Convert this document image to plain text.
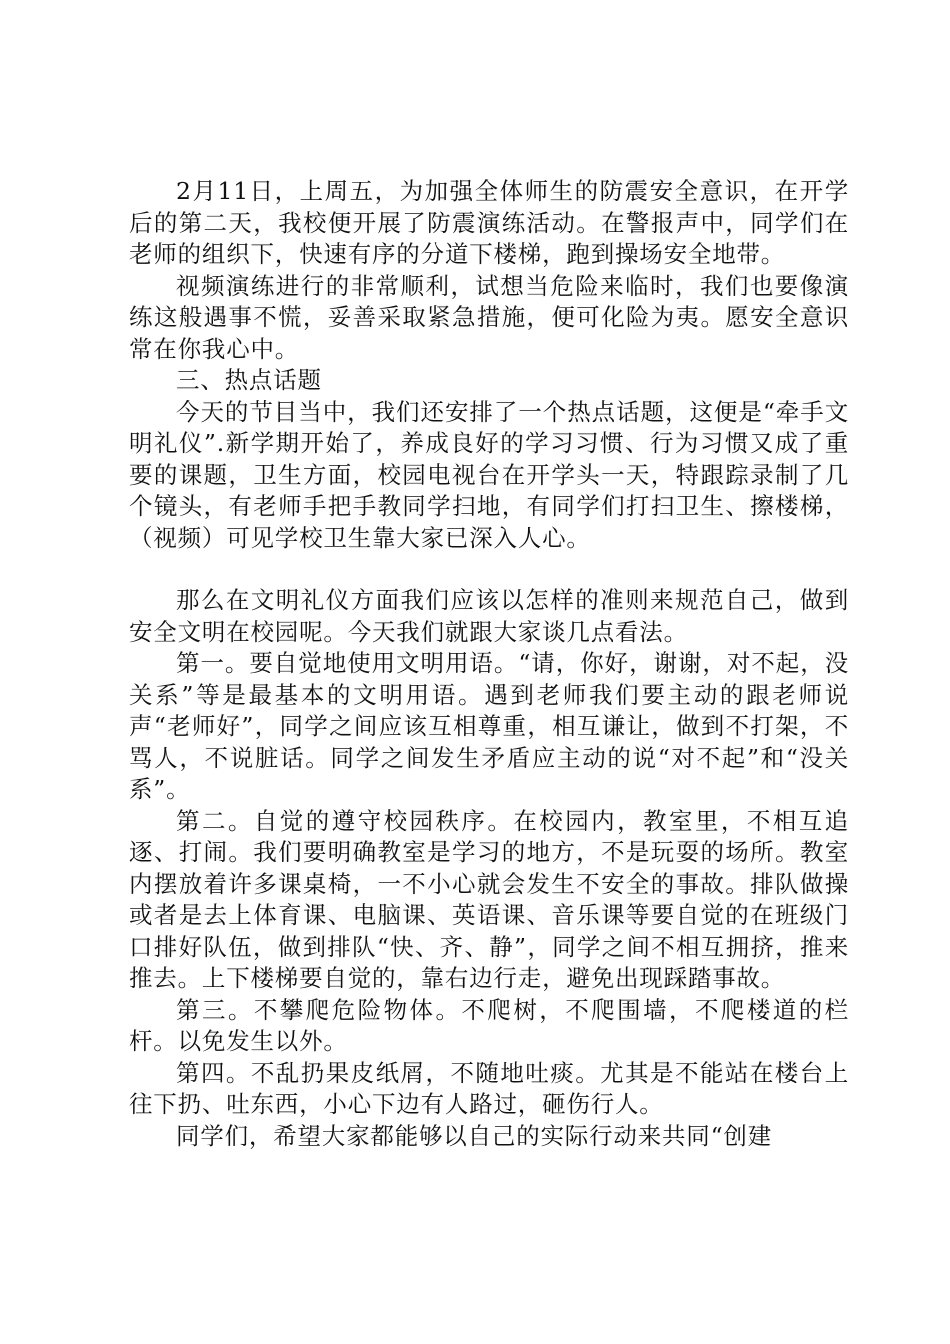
2月11日，上周五，为加强全体师生的防震安全意识，在开学后的第二天，我校便开展了防震演练活动。在警报声中，同学们在老师的组织下，快速有序的分道下楼梯，跑到操场安全地带。

视频演练进行的非常顺利，试想当危险来临时，我们也要像演练这般遇事不慌，妥善采取紧急措施，便可化险为夷。愿安全意识常在你我心中。

三、热点话题

今天的节目当中，我们还安排了一个热点话题，这便是“牵手文明礼仪”.新学期开始了，养成良好的学习习惯、行为习惯又成了重要的课题，卫生方面，校园电视台在开学头一天，特跟踪录制了几个镜头，有老师手把手教同学扫地，有同学们打扫卫生、擦楼梯，（视频）可见学校卫生靠大家已深入人心。

那么在文明礼仪方面我们应该以怎样的准则来规范自己，做到安全文明在校园呢。今天我们就跟大家谈几点看法。

第一。要自觉地使用文明用语。“请，你好，谢谢，对不起，没关系”等是最基本的文明用语。遇到老师我们要主动的跟老师说声“老师好”，同学之间应该互相尊重，相互谦让，做到不打架，不骂人，不说脏话。同学之间发生矛盾应主动的说“对不起”和“没关系”。

第二。自觉的遵守校园秩序。在校园内，教室里，不相互追逐、打闹。我们要明确教室是学习的地方，不是玩耍的场所。教室内摆放着许多课桌椅，一不小心就会发生不安全的事故。排队做操或者是去上体育课、电脑课、英语课、音乐课等要自觉的在班级门口排好队伍，做到排队“快、齐、静”，同学之间不相互拥挤，推来推去。上下楼梯要自觉的，靠右边行走，避免出现踩踏事故。

第三。不攀爬危险物体。不爬树，不爬围墙，不爬楼道的栏杆。以免发生以外。

第四。不乱扔果皮纸屑，不随地吐痰。尤其是不能站在楼台上往下扔、吐东西，小心下边有人路过，砸伤行人。

同学们，希望大家都能够以自己的实际行动来共同“创建
